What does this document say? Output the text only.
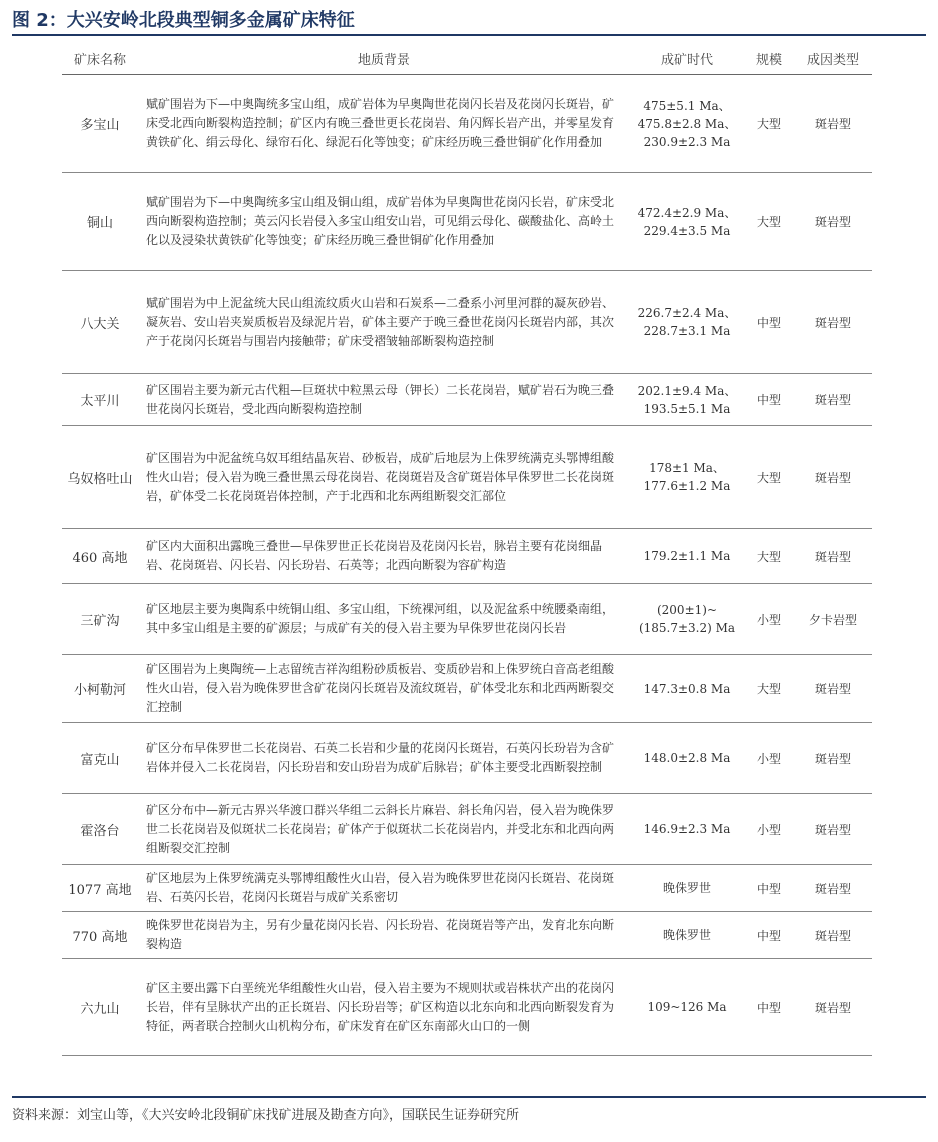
图 2：大兴安岭北段典型铜多金属矿床特征
矿床名称	地质背景	成矿时代	规模	成因类型
多宝山	赋矿围岩为下—中奥陶统多宝山组，成矿岩体为早奥陶世花岗闪长岩及花岗闪长斑岩，矿床受北西向断裂构造控制；矿区内有晚三叠世更长花岗岩、角闪辉长岩产出，并零星发育黄铁矿化、绢云母化、绿帘石化、绿泥石化等蚀变；矿床经历晚三叠世铜矿化作用叠加	475±5.1 Ma、
475.8±2.8 Ma、
230.9±2.3 Ma	大型	斑岩型
铜山	赋矿围岩为下—中奥陶统多宝山组及铜山组，成矿岩体为早奥陶世花岗闪长岩，矿床受北西向断裂构造控制；英云闪长岩侵入多宝山组安山岩，可见绢云母化、碳酸盐化、高岭土化以及浸染状黄铁矿化等蚀变；矿床经历晚三叠世铜矿化作用叠加	472.4±2.9 Ma、
229.4±3.5 Ma	大型	斑岩型
八大关	赋矿围岩为中上泥盆统大民山组流纹质火山岩和石炭系—二叠系小河里河群的凝灰砂岩、凝灰岩、安山岩夹炭质板岩及绿泥片岩，矿体主要产于晚三叠世花岗闪长斑岩内部，其次产于花岗闪长斑岩与围岩内接触带；矿床受褶皱轴部断裂构造控制	226.7±2.4 Ma、
228.7±3.1 Ma	中型	斑岩型
太平川	矿区围岩主要为新元古代粗—巨斑状中粒黑云母（钾长）二长花岗岩，赋矿岩石为晚三叠世花岗闪长斑岩，受北西向断裂构造控制	202.1±9.4 Ma、
193.5±5.1 Ma	中型	斑岩型
乌奴格吐山	矿区围岩为中泥盆统乌奴耳组结晶灰岩、砂板岩，成矿后地层为上侏罗统满克头鄂博组酸性火山岩；侵入岩为晚三叠世黑云母花岗岩、花岗斑岩及含矿斑岩体早侏罗世二长花岗斑岩，矿体受二长花岗斑岩体控制，产于北西和北东两组断裂交汇部位	178±1 Ma、
177.6±1.2 Ma	大型	斑岩型
460 高地	矿区内大面积出露晚三叠世—早侏罗世正长花岗岩及花岗闪长岩，脉岩主要有花岗细晶岩、花岗斑岩、闪长岩、闪长玢岩、石英等；北西向断裂为容矿构造	179.2±1.1 Ma	大型	斑岩型
三矿沟	矿区地层主要为奥陶系中统铜山组、多宝山组，下统裸河组，以及泥盆系中统腰桑南组，其中多宝山组是主要的矿源层；与成矿有关的侵入岩主要为早侏罗世花岗闪长岩	(200±1)~
(185.7±3.2) Ma	小型	夕卡岩型
小柯勒河	矿区围岩为上奥陶统—上志留统吉祥沟组粉砂质板岩、变质砂岩和上侏罗统白音高老组酸性火山岩，侵入岩为晚侏罗世含矿花岗闪长斑岩及流纹斑岩，矿体受北东和北西两断裂交汇控制	147.3±0.8 Ma	大型	斑岩型
富克山	矿区分布早侏罗世二长花岗岩、石英二长岩和少量的花岗闪长斑岩，石英闪长玢岩为含矿岩体并侵入二长花岗岩，闪长玢岩和安山玢岩为成矿后脉岩；矿体主要受北西断裂控制	148.0±2.8 Ma	小型	斑岩型
霍洛台	矿区分布中—新元古界兴华渡口群兴华组二云斜长片麻岩、斜长角闪岩，侵入岩为晚侏罗世二长花岗岩及似斑状二长花岗岩；矿体产于似斑状二长花岗岩内，并受北东和北西向两组断裂交汇控制	146.9±2.3 Ma	小型	斑岩型
1077 高地	矿区地层为上侏罗统满克头鄂博组酸性火山岩，侵入岩为晚侏罗世花岗闪长斑岩、花岗斑岩、石英闪长岩，花岗闪长斑岩与成矿关系密切	晚侏罗世	中型	斑岩型
770 高地	晚侏罗世花岗岩为主，另有少量花岗闪长岩、闪长玢岩、花岗斑岩等产出，发育北东向断裂构造	晚侏罗世	中型	斑岩型
六九山	矿区主要出露下白垩统光华组酸性火山岩，侵入岩主要为不规则状或岩株状产出的花岗闪长岩，伴有呈脉状产出的正长斑岩、闪长玢岩等；矿区构造以北东向和北西向断裂发育为特征，两者联合控制火山机构分布，矿床发育在矿区东南部火山口的一侧	109~126 Ma	中型	斑岩型
资料来源：刘宝山等，《大兴安岭北段铜矿床找矿进展及勘查方向》，国联民生证券研究所
